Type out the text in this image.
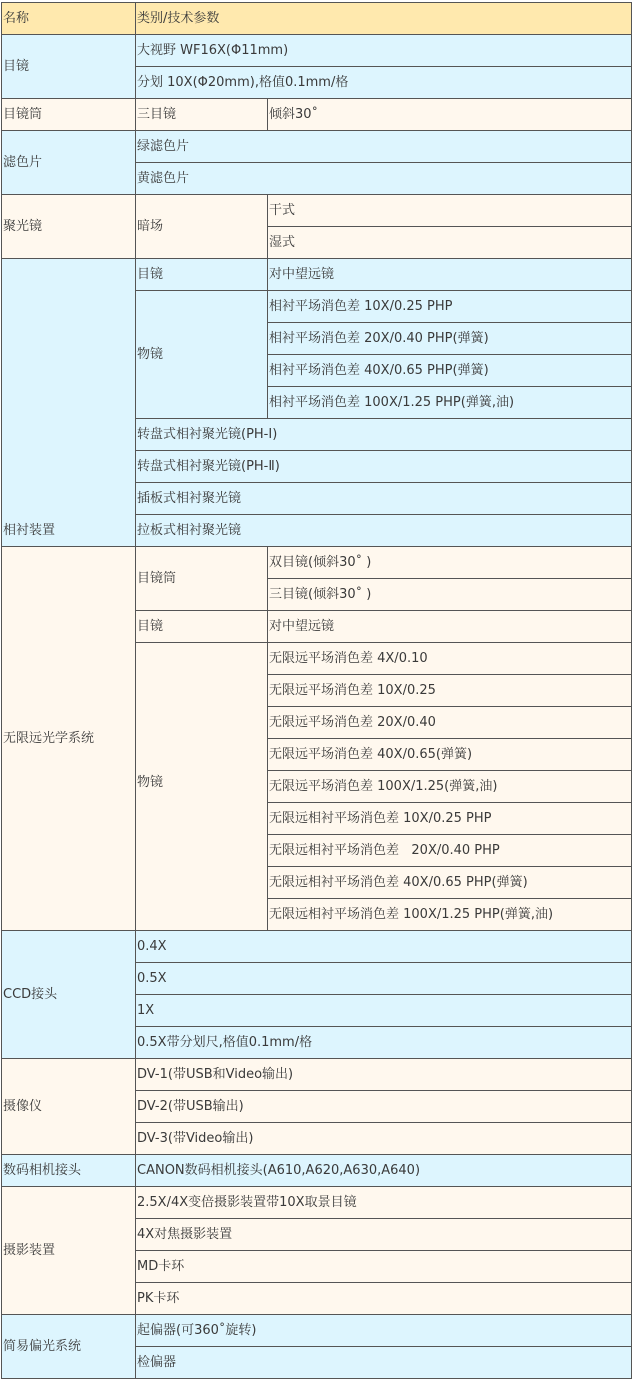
名称	类别/技术参数	
目镜	大视野 WF16X(Φ11mm)	
	分划 10X(Φ20mm),格值0.1mm/格	
目镜筒	三目镜	倾斜30˚
滤色片	绿滤色片	
	黄滤色片	
聚光镜	暗场	干式
		湿式
相衬装置	目镜	对中望远镜
	物镜	相衬平场消色差 10X/0.25 PHP
		相衬平场消色差 20X/0.40 PHP(弹簧)
		相衬平场消色差 40X/0.65 PHP(弹簧)
		相衬平场消色差 100X/1.25 PHP(弹簧,油)
	转盘式相衬聚光镜(PH-Ⅰ)	
	转盘式相衬聚光镜(PH-Ⅱ)	
	插板式相衬聚光镜	
	拉板式相衬聚光镜	
无限远光学系统	目镜筒	双目镜(倾斜30˚ )
		三目镜(倾斜30˚ )
	目镜	对中望远镜
	物镜	无限远平场消色差 4X/0.10
		无限远平场消色差 10X/0.25
		无限远平场消色差 20X/0.40
		无限远平场消色差 40X/0.65(弹簧)
		无限远平场消色差 100X/1.25(弹簧,油)
		无限远相衬平场消色差 10X/0.25 PHP
		无限远相衬平场消色差   20X/0.40 PHP
		无限远相衬平场消色差 40X/0.65 PHP(弹簧)
		无限远相衬平场消色差 100X/1.25 PHP(弹簧,油)
CCD接头	0.4X	
	0.5X	
	1X	
	0.5X带分划尺,格值0.1mm/格	
摄像仪	DV-1(带USB和Video输出)	
	DV-2(带USB输出)	
	DV-3(带Video输出)	
数码相机接头	CANON数码相机接头(A610,A620,A630,A640)	
摄影装置	2.5X/4X变倍摄影装置带10X取景目镜	
	4X对焦摄影装置	
	MD卡环	
	PK卡环	
简易偏光系统	起偏器(可360˚旋转)	
	检偏器	
